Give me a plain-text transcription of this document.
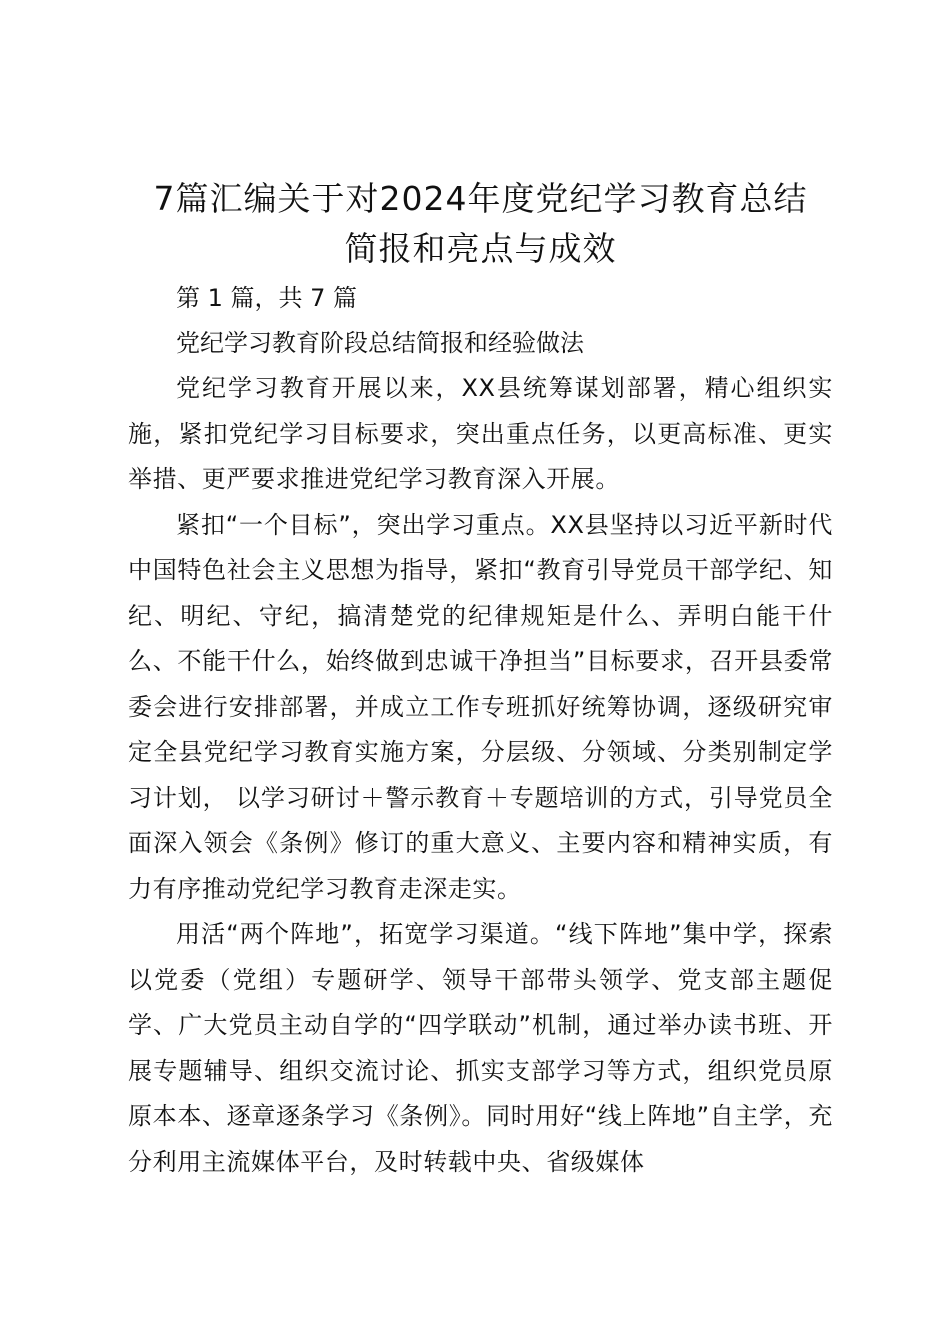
7篇汇编关于对2024年度党纪学习教育总结
简报和亮点与成效

第 1 篇，共 7 篇

党纪学习教育阶段总结简报和经验做法

党纪学习教育开展以来，XX县统筹谋划部署，精心组织实施，紧扣党纪学习目标要求，突出重点任务，以更高标准、更实举措、更严要求推进党纪学习教育深入开展。

紧扣“一个目标”，突出学习重点。XX县坚持以习近平新时代中国特色社会主义思想为指导，紧扣“教育引导党员干部学纪、知纪、明纪、守纪，搞清楚党的纪律规矩是什么、弄明白能干什么、不能干什么，始终做到忠诚干净担当”目标要求，召开县委常委会进行安排部署，并成立工作专班抓好统筹协调，逐级研究审定全县党纪学习教育实施方案，分层级、分领域、分类别制定学习计划， 以学习研讨＋警示教育＋专题培训的方式，引导党员全面深入领会《条例》修订的重大意义、主要内容和精神实质，有力有序推动党纪学习教育走深走实。

用活“两个阵地”，拓宽学习渠道。“线下阵地”集中学，探索以党委（党组）专题研学、领导干部带头领学、党支部主题促学、广大党员主动自学的“四学联动”机制，通过举办读书班、开展专题辅导、组织交流讨论、抓实支部学习等方式，组织党员原原本本、逐章逐条学习《条例》。同时用好“线上阵地”自主学，充分利用主流媒体平台，及时转载中央、省级媒体
